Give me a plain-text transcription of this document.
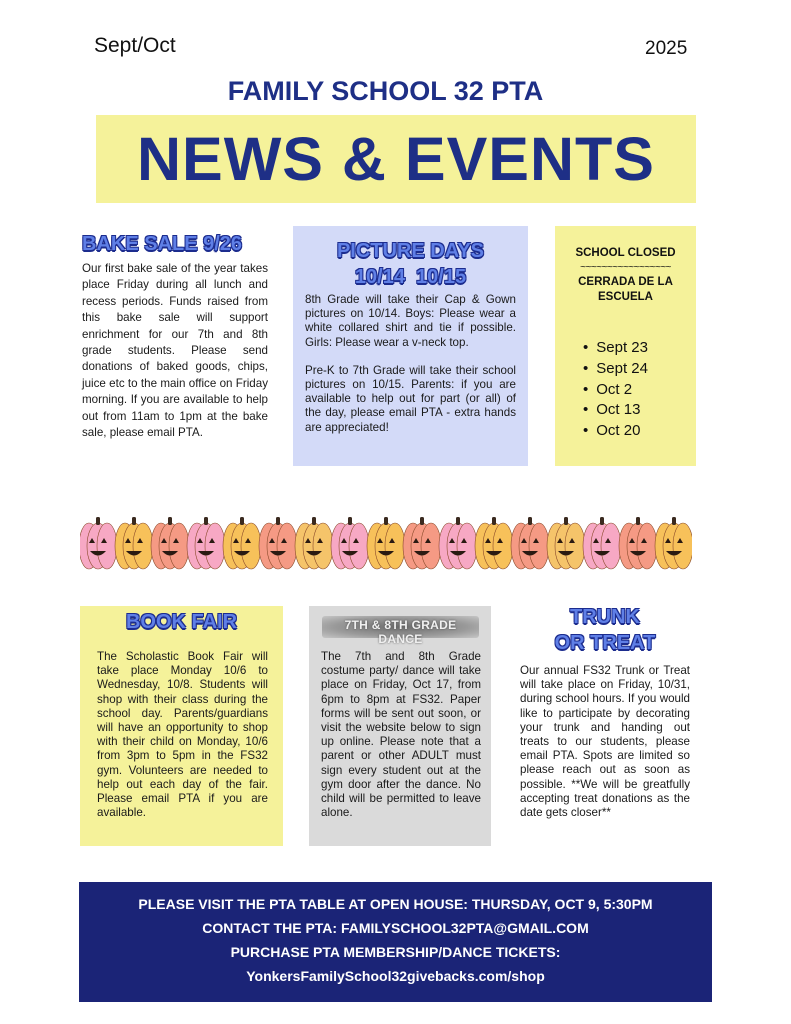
Sept/Oct	2025
FAMILY SCHOOL 32 PTA
NEWS & EVENTS
BAKE SALE 9/26
Our first bake sale of the year takes place Friday during all lunch and recess periods. Funds raised from this bake sale will support enrichment for our 7th and 8th grade students. Please send donations of baked goods, chips, juice etc to the main office on Friday morning. If you are available to help out from 11am to 1pm at the bake sale, please email PTA.
PICTURE DAYS
10/14  10/15

8th Grade will take their Cap & Gown pictures on 10/14. Boys: Please wear a white collared shirt and tie if possible. Girls: Please wear a v-neck top.

Pre-K to 7th Grade will take their school pictures on 10/15. Parents: if you are available to help out for part (or all) of the day, please email PTA - extra hands are appreciated!

SCHOOL CLOSED
~~~~~~~~~~~~~~~~~
CERRADA DE LA ESCUELA
• Sept 23
• Sept 24
• Oct 2
• Oct 13
• Oct 20
BOOK FAIR
The Scholastic Book Fair will take place Monday 10/6 to Wednesday, 10/8. Students will shop with their class during the school day. Parents/guardians will have an opportunity to shop with their child on Monday, 10/6 from 3pm to 5pm in the FS32 gym. Volunteers are needed to help out each day of the fair. Please email PTA if you are available.
7TH & 8TH GRADE DANCE
The 7th and 8th Grade costume party/ dance will take place on Friday, Oct 17, from 6pm to 8pm at FS32. Paper forms will be sent out soon, or visit the website below to sign up online. Please note that a parent or other ADULT must sign every student out at the gym door after the dance. No child will be permitted to leave alone.
TRUNK
OR TREAT
Our annual FS32 Trunk or Treat will take place on Friday, 10/31, during school hours. If you would like to participate by decorating your trunk and handing out treats to our students, please email PTA. Spots are limited so please reach out as soon as possible. **We will be greatfully accepting treat donations as the date gets closer**
PLEASE VISIT THE PTA TABLE AT OPEN HOUSE: THURSDAY, OCT 9, 5:30PM
CONTACT THE PTA: FAMILYSCHOOL32PTA@GMAIL.COM
PURCHASE PTA MEMBERSHIP/DANCE TICKETS:
YonkersFamilySchool32givebacks.com/shop
